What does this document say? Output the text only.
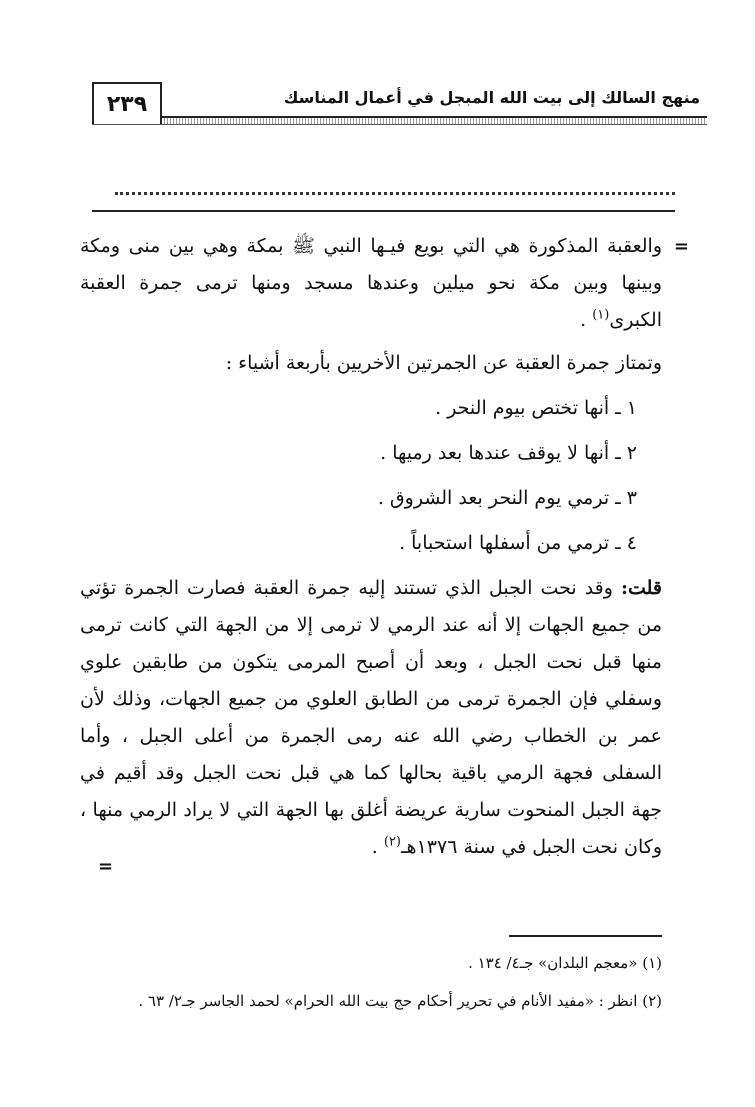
منهج السالك إلى بيت الله المبجل في أعمال المناسك
٢٣٩
=

والعقبة المذكورة هي التي بويع فيـها النبي ﷺ بمكة وهي بين منى ومكة وبينها وبين مكة نحو ميلين وعندها مسجد ومنها ترمى جمرة العقبة الكبرى$^{(١)}$ .

وتمتاز جمرة العقبة عن الجمرتين الأخريين بأربعة أشياء :

١ ـ أنها تختص بيوم النحر .

٢ ـ أنها لا يوقف عندها بعد رميها .

٣ ـ ترمي يوم النحر بعد الشروق .

٤ ـ ترمي من أسفلها استحباباً .

قلت: وقد نحت الجبل الذي تستند إليه جمرة العقبة فصارت الجمرة تؤتي من جميع الجهات إلا أنه عند الرمي لا ترمى إلا من الجهة التي كانت ترمى منها قبل نحت الجبل ، وبعد أن أصبح المرمى يتكون من طابقين علوي وسفلي فإن الجمرة ترمى من الطابق العلوي من جميع الجهات، وذلك لأن عمر بن الخطاب رضي الله عنه رمى الجمرة من أعلى الجبل ، وأما السفلى فجهة الرمي باقية بحالها كما هي قبل نحت الجبل وقد أقيم في جهة الجبل المنحوت سارية عريضة أغلق بها الجهة التي لا يراد الرمي منها ، وكان نحت الجبل في سنة ١٣٧٦هـ$^{(٢)}$ .

=

(١) «معجم البلدان» جـ٤/ ١٣٤ .

(٢) انظر : «مفيد الأنام في تحرير أحكام حج بيت الله الحرام» لحمد الجاسر جـ٢/ ٦٣ .
